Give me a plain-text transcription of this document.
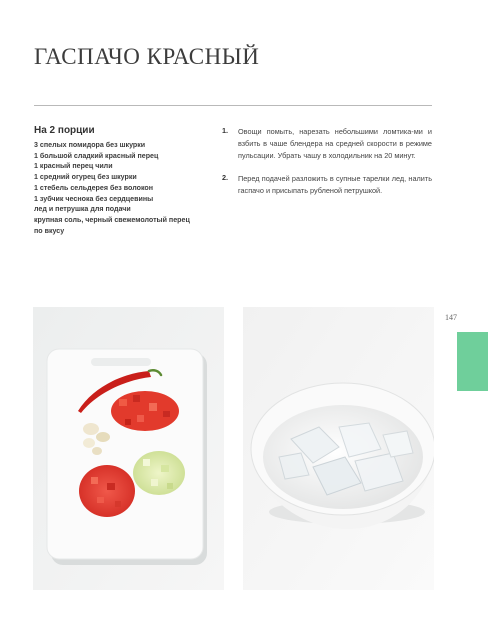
ГАСПАЧО КРАСНЫЙ
На 2 порции
3 спелых помидора без шкурки
1 большой сладкий красный перец
1 красный перец чили
1 средний огурец без шкурки
1 стебель сельдерея без волокон
1 зубчик чеснока без сердцевины
лед и петрушка для подачи
крупная соль, черный свежемолотый перец
по вкусу
1. Овощи помыть, нарезать небольшими ломтика-ми и взбить в чаше блендера на средней скорости в режиме пульсации. Убрать чашу в холодильник на 20 минут.
2. Перед подачей разложить в супные тарелки лед, налить гаспачо и присыпать рубленой петрушкой.
147
